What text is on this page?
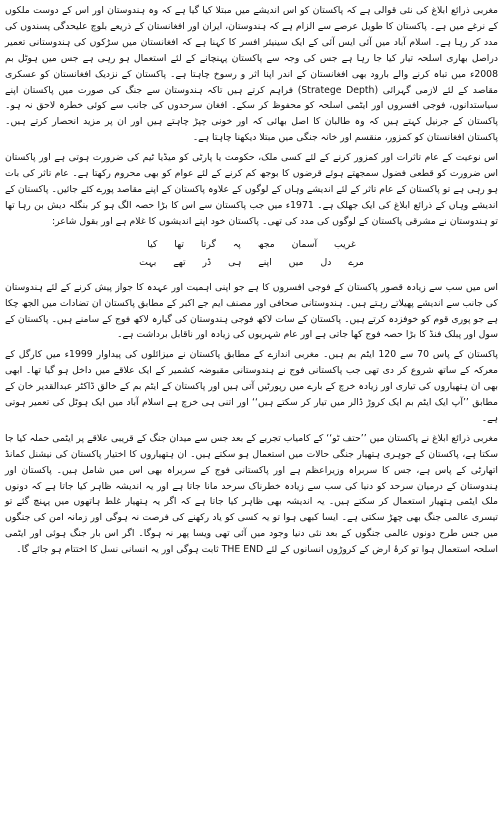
مغربی ذرائع ابلاغ کی نئی قوالی ہے کہ پاکستان کو اس اندیشے میں مبتلا کیا گیا ہے کہ وہ ہندوستان اور اس کے دوست ملکوں کے نرغے میں ہے۔ پاکستان کا طویل عرصے سے الزام ہے کہ ہندوستان، ایران اور افغانستان کے ذریعے بلوچ علیحدگی پسندوں کی مدد کر رہا ہے۔ اسلام آباد میں آئی ایس آئی کے ایک سینیئر افسر کا کہنا ہے کہ افغانستان میں سڑکوں کی ہندوستانی تعمیر دراصل بھاری اسلحہ تیار کیا جا رہا ہے جس کی وجہ سے پاکستان پہنچانے کے لئے استعمال ہو رہی ہے جس میں ہوٹل بم 2008ء میں تباہ کرنے والے بارود بھی افغانستان کے اندر اپنا اثر و رسوخ چاہتا ہے۔ پاکستان کے نزدیک افغانستان کو عسکری مقاصد کے لئے لازمی گہرائی (Stratege Depth) فراہم کرتے ہیں تاکہ ہندوستان سے جنگ کی صورت میں پاکستان اپنے سیاستدانوں، فوجی افسروں اور ایٹمی اسلحہ کو محفوظ کر سکے۔ افغان سرحدوں کی جانب سے کوئی خطرہ لاحق نہ ہو۔ پاکستان کے جرنیل کہتے ہیں کہ وہ طالبان کا اصل بھائی کہ اور خونی چپڑ چاہتے ہیں اور ان پر مزید انحصار کرتے ہیں۔ پاکستان افغانستان کو کمزور، منقسم اور خانہ جنگی میں مبتلا دیکھنا چاہتا ہے۔

اس نوعیت کے عام تاثرات اور کمزور کرنے کے لئے کسی ملک، حکومت یا پارٹی کو میڈیا ٹیم کی ضرورت ہوتی ہے اور پاکستان اس ضرورت کو قطعی فضول سمجھتے ہوئے قرضوں کا بوجھ کم کرنے کے لئے عوام کو بھی محروم رکھتا ہے۔ عام تاثر کی بات ہو رہی ہے تو پاکستان کے عام تاثر کے لئے اندیشے وہاں کے لوگوں کے علاوہ پاکستان کے اپنے مقاصد پورے کئے جائیں۔ پاکستان کے اندیشے وہاں کے ذرائع ابلاغ کی ایک جھلک ہے۔ 1971ء میں جب پاکستان سے اس کا بڑا حصہ الگ ہو کر بنگلہ دیش بن رہا تھا تو ہندوستان نے مشرقی پاکستان کے لوگوں کی مدد کی تھی۔ پاکستان خود اپنے اندیشوں کا غلام ہے اور بقول شاعر:

غریب آسمان مجھ پہ گرتا تھا کیا
مرے دل میں اپنے ہی ڈر تھے بہت

اس میں سب سے زیادہ قصور پاکستان کے فوجی افسروں کا ہے جو اپنی اہمیت اور عہدہ کا جواز پیش کرنے کے لئے ہندوستان کی جانب سے اندیشے پھیلاتے رہتے ہیں۔ ہندوستانی صحافی اور مصنف ایم جے اکبر کے مطابق پاکستان ان تضادات میں الجھ چکا ہے جو پوری قوم کو خوفزدہ کرتے ہیں۔ پاکستان کے سات لاکھ فوجی ہندوستان کی گیارہ لاکھ فوج کے سامنے ہیں۔ پاکستان کے سول اور پبلک فنڈ کا بڑا حصہ فوج کھا جاتی ہے اور عام شہریوں کی زیادہ اور ناقابل برداشت ہے۔

پاکستان کے پاس 70 سے 120 ایٹم بم ہیں۔ مغربی اندازے کے مطابق پاکستان نے میزائلوں کی پیداوار 1999ء میں کارگل کے معرکہ کے ساتھ شروع کر دی تھی جب پاکستانی فوج نے ہندوستانی مقبوضہ کشمیر کے ایک علاقے میں داخل ہو گیا تھا۔ ابھی بھی ان ہتھیاروں کی تیاری اور زیادہ خرچ کے بارے میں رپورٹیں آتی ہیں اور پاکستان کے ایٹم بم کے خالق ڈاکٹر عبدالقدیر خان کے مطابق ’’آپ ایک ایٹم بم ایک کروڑ ڈالر میں تیار کر سکتے ہیں‘‘ اور اتنی ہی خرچ ہے اسلام آباد میں ایک ہوٹل کی تعمیر ہوتی ہے۔

مغربی ذرائع ابلاغ نے پاکستان میں ’’حتف ٹو‘‘ کے کامیاب تجربے کے بعد جس سے میدان جنگ کے قریبی علاقے پر ایٹمی حملہ کیا جا سکتا ہے، پاکستان کے جوہری ہتھیار جنگی حالات میں استعمال ہو سکتے ہیں۔ ان ہتھیاروں کا اختیار پاکستان کی نیشنل کمانڈ اتھارٹی کے پاس ہے، جس کا سربراہ وزیراعظم ہے اور پاکستانی فوج کے سربراہ بھی اس میں شامل ہیں۔ پاکستان اور ہندوستان کے درمیان سرحد کو دنیا کی سب سے زیادہ خطرناک سرحد مانا جاتا ہے اور یہ اندیشہ ظاہر کیا جاتا ہے کہ دونوں ملک ایٹمی ہتھیار استعمال کر سکتے ہیں۔ یہ اندیشہ بھی ظاہر کیا جاتا ہے کہ اگر یہ ہتھیار غلط ہاتھوں میں پہنچ گئے تو تیسری عالمی جنگ بھی چھڑ سکتی ہے۔ ایسا کبھی ہوا تو یہ کسی کو یاد رکھنے کی فرصت نہ ہوگی اور زمانہ امن کی جنگوں میں جس طرح دونوں عالمی جنگوں کے بعد نئی دنیا وجود میں آئی تھی ویسا پھر نہ ہوگا۔ اگر اس بار جنگ ہوئی اور ایٹمی اسلحہ استعمال ہوا تو کرۂ ارض کے کروڑوں انسانوں کے لئے THE END ثابت ہوگی اور یہ انسانی نسل کا اختتام ہو جائے گا۔
